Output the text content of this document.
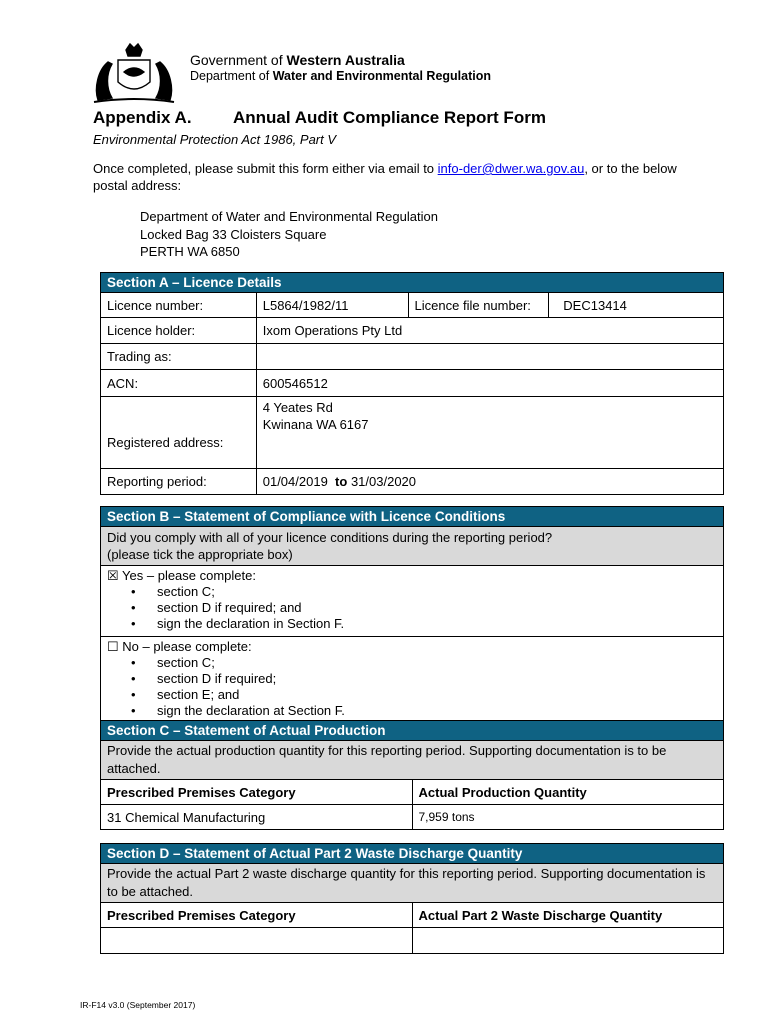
Government of Western Australia
Department of Water and Environmental Regulation
Appendix A. Annual Audit Compliance Report Form
Environmental Protection Act 1986, Part V
Once completed, please submit this form either via email to info-der@dwer.wa.gov.au, or to the below postal address:
Department of Water and Environmental Regulation
Locked Bag 33 Cloisters Square
PERTH WA 6850
Section A – Licence Details			
Licence number:	L5864/1982/11	Licence file number:	DEC13414
Licence holder:	Ixom Operations Pty Ltd		
Trading as:			
ACN:	600546512		
Registered address:	4 Yeates Rd
Kwinana WA 6167		

Reporting period:	01/04/2019 to 31/03/2020		
Section B – Statement of Compliance with Licence Conditions

Did you comply with all of your licence conditions during the reporting period?
(please tick the appropriate box)

☒ Yes – please complete:
• section C;
• section D if required; and
• sign the declaration in Section F.

☐ No – please complete:
• section C;
• section D if required;
• section E; and
• sign the declaration at Section F.
Section C – Statement of Actual Production	
Provide the actual production quantity for this reporting period. Supporting documentation is to be attached.	
Prescribed Premises Category	Actual Production Quantity
31 Chemical Manufacturing	7,959 tons
Section D – Statement of Actual Part 2 Waste Discharge Quantity	
Provide the actual Part 2 waste discharge quantity for this reporting period. Supporting documentation is to be attached.	
Prescribed Premises Category	Actual Part 2 Waste Discharge Quantity

IR-F14 v3.0 (September 2017)
